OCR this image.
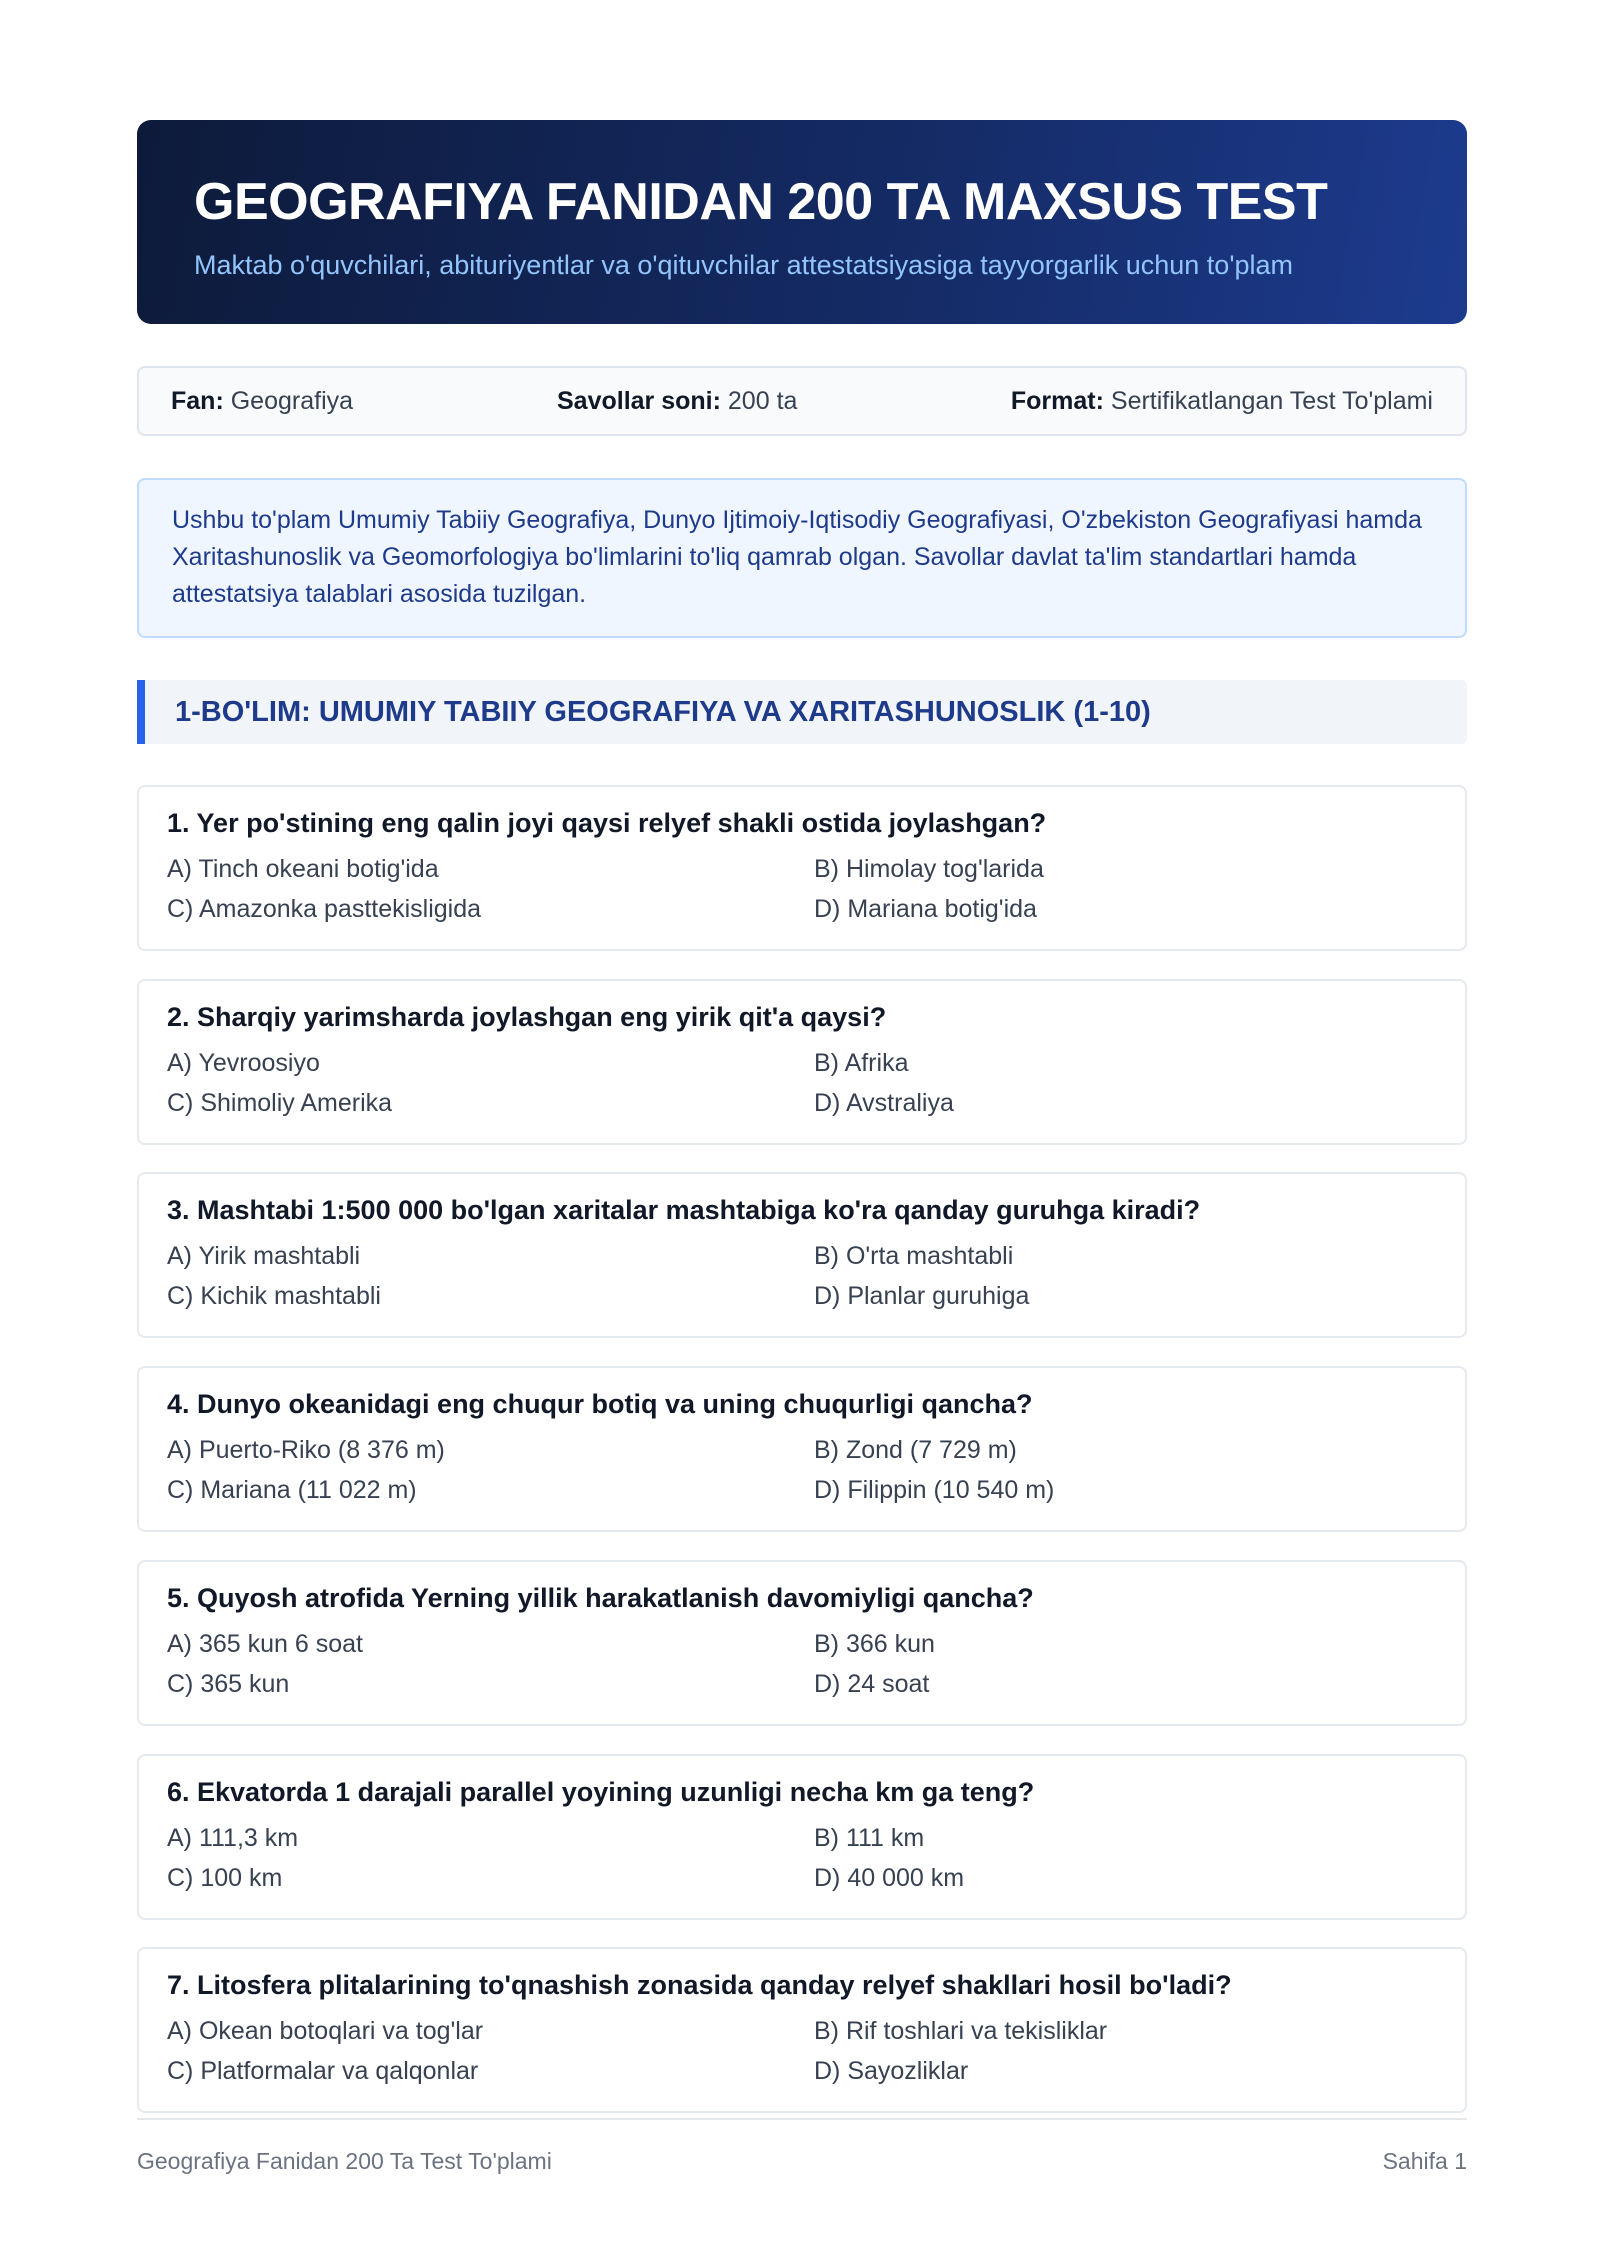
GEOGRAFIYA FANIDAN 200 TA MAXSUS TEST
Maktab o'quvchilari, abituriyentlar va o'qituvchilar attestatsiyasiga tayyorgarlik uchun to'plam
Fan: Geografiya	Savollar soni: 200 ta	Format: Sertifikatlangan Test To'plami
Ushbu to'plam Umumiy Tabiiy Geografiya, Dunyo Ijtimoiy-Iqtisodiy Geografiyasi, O'zbekiston Geografiyasi hamda Xaritashunoslik va Geomorfologiya bo'limlarini to'liq qamrab olgan. Savollar davlat ta'lim standartlari hamda attestatsiya talablari asosida tuzilgan.
1-BO'LIM: UMUMIY TABIIY GEOGRAFIYA VA XARITASHUNOSLIK (1-10)
1. Yer po'stining eng qalin joyi qaysi relyef shakli ostida joylashgan?
A) Tinch okeani botig'ida	B) Himolay tog'larida
C) Amazonka pasttekisligida	D) Mariana botig'ida
2. Sharqiy yarimsharda joylashgan eng yirik qit'a qaysi?
A) Yevroosiyo	B) Afrika
C) Shimoliy Amerika	D) Avstraliya
3. Mashtabi 1:500 000 bo'lgan xaritalar mashtabiga ko'ra qanday guruhga kiradi?
A) Yirik mashtabli	B) O'rta mashtabli
C) Kichik mashtabli	D) Planlar guruhiga
4. Dunyo okeanidagi eng chuqur botiq va uning chuqurligi qancha?
A) Puerto-Riko (8 376 m)	B) Zond (7 729 m)
C) Mariana (11 022 m)	D) Filippin (10 540 m)
5. Quyosh atrofida Yerning yillik harakatlanish davomiyligi qancha?
A) 365 kun 6 soat	B) 366 kun
C) 365 kun	D) 24 soat
6. Ekvatorda 1 darajali parallel yoyining uzunligi necha km ga teng?
A) 111,3 km	B) 111 km
C) 100 km	D) 40 000 km
7. Litosfera plitalarining to'qnashish zonasida qanday relyef shakllari hosil bo'ladi?
A) Okean botoqlari va tog'lar	B) Rif toshlari va tekisliklar
C) Platformalar va qalqonlar	D) Sayozliklar
Geografiya Fanidan 200 Ta Test To'plami	Sahifa 1
